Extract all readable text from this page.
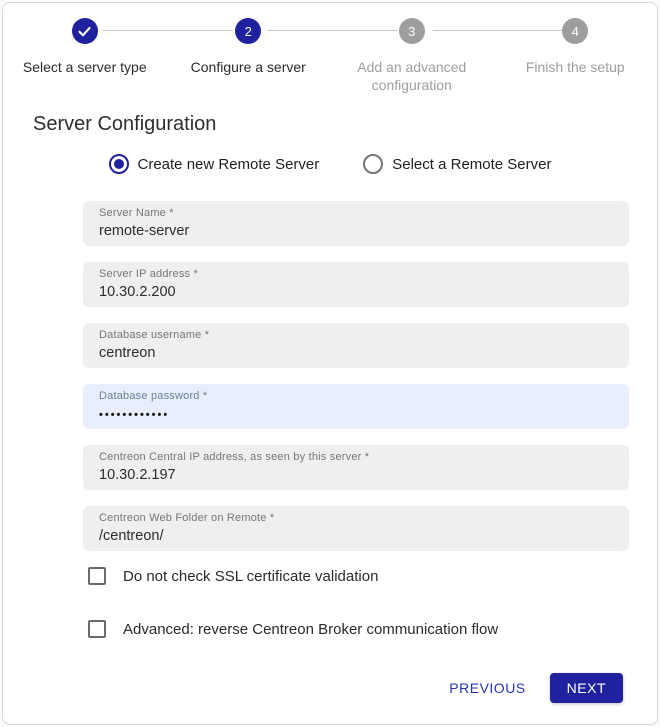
Select a server type
2
Configure a server
3
Add an advanced configuration
4
Finish the setup
Server Configuration
Create new Remote Server	Select a Remote Server
Server Name *
remote-server
Server IP address *
10.30.2.200
Database username *
centreon
Database password *
••••••••••••
Centreon Central IP address, as seen by this server *
10.30.2.197
Centreon Web Folder on Remote *
/centreon/
Do not check SSL certificate validation
Advanced: reverse Centreon Broker communication flow
PREVIOUS	NEXT
